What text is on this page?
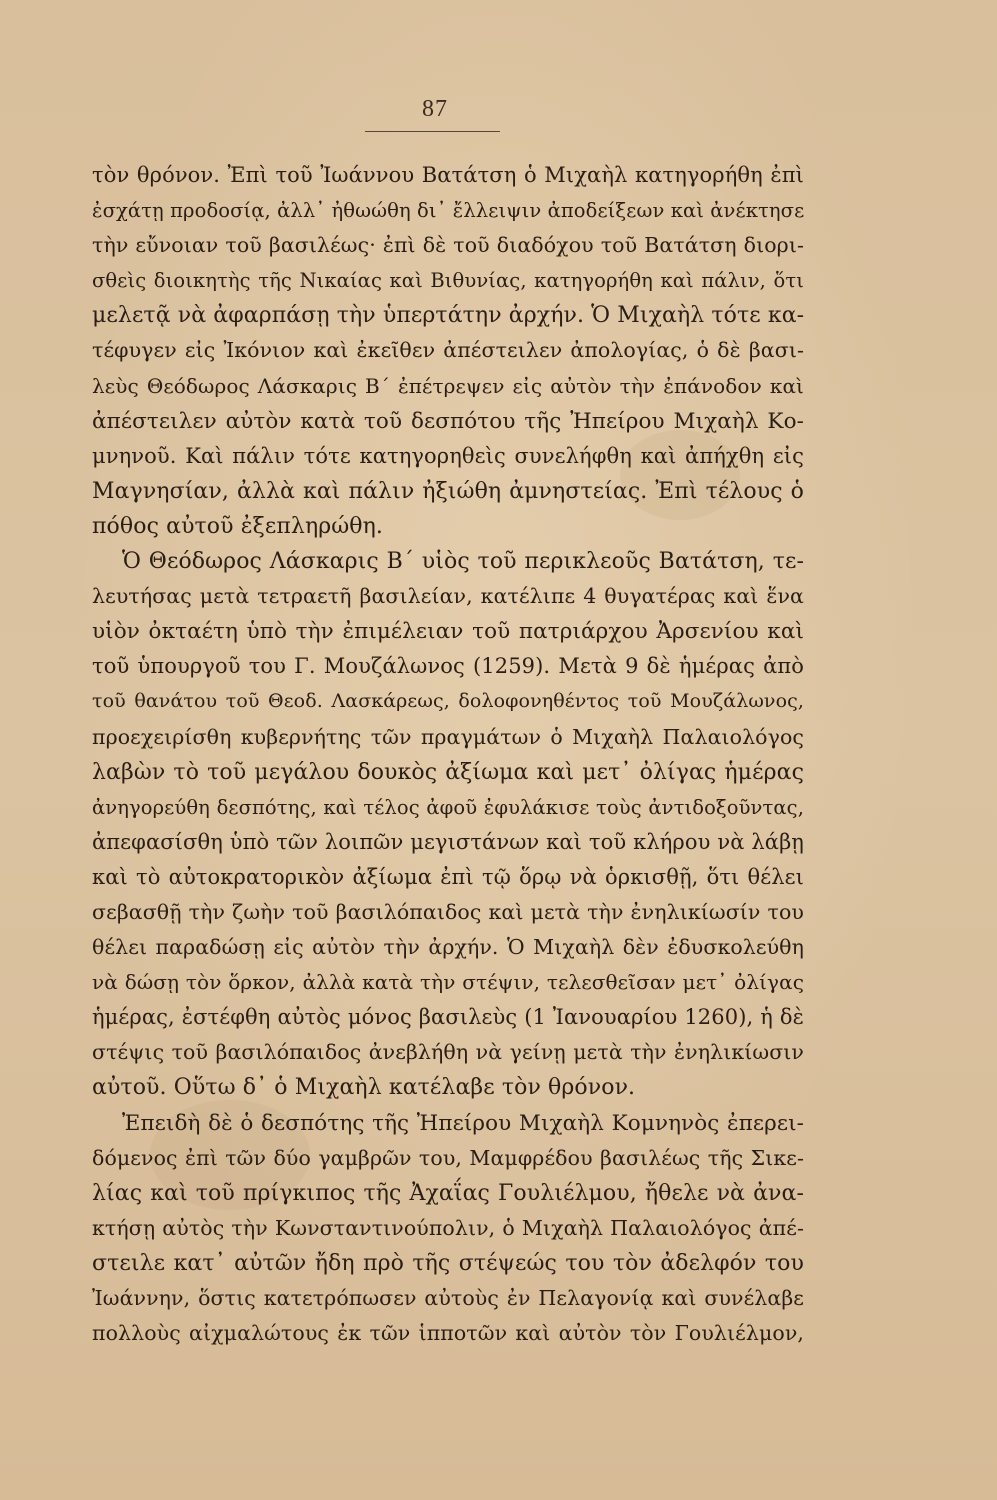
87
τὸν θρόνον. Ἐπὶ τοῦ Ἰωάννου Βατάτση ὁ Μιχαὴλ κατηγορήθη ἐπὶ
ἐσχάτῃ προδοσίᾳ, ἀλλ᾽ ἠθωώθη δι᾽ ἔλλειψιν ἀποδείξεων καὶ ἀνέκτησε
τὴν εὔνοιαν τοῦ βασιλέως· ἐπὶ δὲ τοῦ διαδόχου τοῦ Βατάτση διορι-
σθεὶς διοικητὴς τῆς Νικαίας καὶ Βιθυνίας, κατηγορήθη καὶ πάλιν, ὅτι
μελετᾷ νὰ ἀφαρπάσῃ τὴν ὑπερτάτην ἀρχήν. Ὁ Μιχαὴλ τότε κα-
τέφυγεν εἰς Ἰκόνιον καὶ ἐκεῖθεν ἀπέστειλεν ἀπολογίας, ὁ δὲ βασι-
λεὺς Θεόδωρος Λάσκαρις Β´ ἐπέτρεψεν εἰς αὐτὸν τὴν ἐπάνοδον καὶ
ἀπέστειλεν αὐτὸν κατὰ τοῦ δεσπότου τῆς Ἠπείρου Μιχαὴλ Κο-
μνηνοῦ. Καὶ πάλιν τότε κατηγορηθεὶς συνελήφθη καὶ ἀπήχθη εἰς
Μαγνησίαν, ἀλλὰ καὶ πάλιν ἠξιώθη ἀμνηστείας. Ἐπὶ τέλους ὁ
πόθος αὐτοῦ ἐξεπληρώθη.
Ὁ Θεόδωρος Λάσκαρις Β´ υἱὸς τοῦ περικλεοῦς Βατάτση, τε-
λευτήσας μετὰ τετραετῆ βασιλείαν, κατέλιπε 4 θυγατέρας καὶ ἕνα
υἱὸν ὀκταέτη ὑπὸ τὴν ἐπιμέλειαν τοῦ πατριάρχου Ἀρσενίου καὶ
τοῦ ὑπουργοῦ του Γ. Μουζάλωνος (1259). Μετὰ 9 δὲ ἡμέρας ἀπὸ
τοῦ θανάτου τοῦ Θεοδ. Λασκάρεως, δολοφονηθέντος τοῦ Μουζάλωνος,
προεχειρίσθη κυβερνήτης τῶν πραγμάτων ὁ Μιχαὴλ Παλαιολόγος
λαβὼν τὸ τοῦ μεγάλου δουκὸς ἀξίωμα καὶ μετ᾽ ὀλίγας ἡμέρας
ἀνηγορεύθη δεσπότης, καὶ τέλος ἀφοῦ ἐφυλάκισε τοὺς ἀντιδοξοῦντας,
ἀπεφασίσθη ὑπὸ τῶν λοιπῶν μεγιστάνων καὶ τοῦ κλήρου νὰ λάβῃ
καὶ τὸ αὐτοκρατορικὸν ἀξίωμα ἐπὶ τῷ ὅρῳ νὰ ὁρκισθῇ, ὅτι θέλει
σεβασθῇ τὴν ζωὴν τοῦ βασιλόπαιδος καὶ μετὰ τὴν ἐνηλικίωσίν του
θέλει παραδώσῃ εἰς αὐτὸν τὴν ἀρχήν. Ὁ Μιχαὴλ δὲν ἐδυσκολεύθη
νὰ δώσῃ τὸν ὅρκον, ἀλλὰ κατὰ τὴν στέψιν, τελεσθεῖσαν μετ᾽ ὀλίγας
ἡμέρας, ἐστέφθη αὐτὸς μόνος βασιλεὺς (1 Ἰανουαρίου 1260), ἡ δὲ
στέψις τοῦ βασιλόπαιδος ἀνεβλήθη νὰ γείνῃ μετὰ τὴν ἐνηλικίωσιν
αὐτοῦ. Οὕτω δ᾽ ὁ Μιχαὴλ κατέλαβε τὸν θρόνον.
Ἐπειδὴ δὲ ὁ δεσπότης τῆς Ἠπείρου Μιχαὴλ Κομνηνὸς ἐπερει-
δόμενος ἐπὶ τῶν δύο γαμβρῶν του, Μαμφρέδου βασιλέως τῆς Σικε-
λίας καὶ τοῦ πρίγκιπος τῆς Ἀχαΐας Γουλιέλμου, ἤθελε νὰ ἀνα-
κτήσῃ αὐτὸς τὴν Κωνσταντινούπολιν, ὁ Μιχαὴλ Παλαιολόγος ἀπέ-
στειλε κατ᾽ αὐτῶν ἤδη πρὸ τῆς στέψεώς του τὸν ἀδελφόν του
Ἰωάννην, ὅστις κατετρόπωσεν αὐτοὺς ἐν Πελαγονίᾳ καὶ συνέλαβε
πολλοὺς αἰχμαλώτους ἐκ τῶν ἱπποτῶν καὶ αὐτὸν τὸν Γουλιέλμον,
